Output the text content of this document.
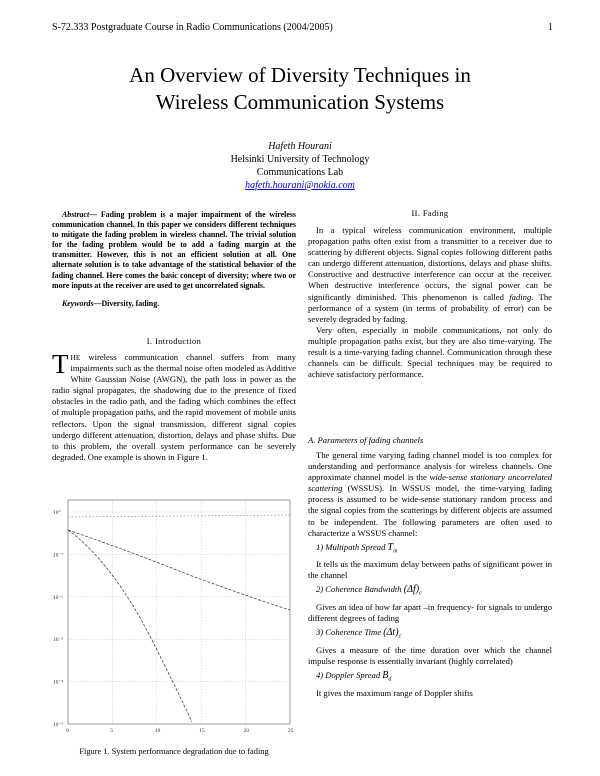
S-72.333 Postgraduate Course in Radio Communications (2004/2005)	1
An Overview of Diversity Techniques in
Wireless Communication Systems
Hafeth Hourani
Helsinki University of Technology
Communications Lab
hafeth.hourani@nokia.com

Abstract— Fading problem is a major impairment of the wireless communication channel. In this paper we considers different techniques to mitigate the fading problem in wireless channel. The trivial solution for the fading problem would be to add a fading margin at the transmitter. However, this is not an efficient solution at all. One alternate solution is to take advantage of the statistical behavior of the fading channel. Here comes the basic concept of diversity; where two or more inputs at the receiver are used to get uncorrelated signals.

Keywords—Diversity, fading.

I. Introduction
THE wireless communication channel suffers from many impairments such as the thermal noise often modeled as Additive White Gaussian Noise (AWGN), the path loss in power as the radio signal propagates, the shadowing due to the presence of fixed obstacles in the radio path, and the fading which combines the effect of multiple propagation paths, and the rapid movement of mobile units reflectors. Upon the signal transmission, different signal copies undergo different attenuation, distortion, delays and phase shifts. Due to this problem, the overall system performance can be severely degraded. One example is shown in Figure 1.
10°
10⁻¹
10⁻²
10⁻³
10⁻⁴
10⁻⁵
0	5	10	15	20	25
Figure 1. System performance degradation due to fading
II. Fading

In a typical wireless communication environment, multiple propagation paths often exist from a transmitter to a receiver due to scattering by different objects. Signal copies following different paths can undergo different attenuation, distortions, delays and phase shifts. Constructive and destructive interference can occur at the receiver. When destructive interference occurs, the signal power can be significantly diminished. This phenomenon is called fading. The performance of a system (in terms of probability of error) can be severely degraded by fading.

Very often, especially in mobile communications, not only do multiple propagation paths exist, but they are also time-varying. The result is a time-varying fading channel. Communication through these channels can be difficult. Special techniques may be required to achieve satisfactory performance.

A. Parameters of fading channels

The general time varying fading channel model is too complex for understanding and performance analysis for wireless channels. One approximate channel model is the wide-sense stationary uncorrelated scattering (WSSUS). In WSSUS model, the time-varying fading process is assumed to be wide-sense stationary random process and the signal copies from the scatterings by different objects are assumed to be independent. The following parameters are often used to characterize a WSSUS channel:

1) Multipath Spread $T_m$

It tells us the maximum delay between paths of significant power in the channel

2) Coherence Bandwidth $(\Delta f)_c$

Gives an idea of how far apart –in frequency- for signals to undergo different degrees of fading

3) Coherence Time $(\Delta t)_c$

Gives a measure of the time duration over which the channel impulse response is essentially invariant (highly correlated)

4) Doppler Spread $B_d$

It gives the maximum range of Doppler shifts
